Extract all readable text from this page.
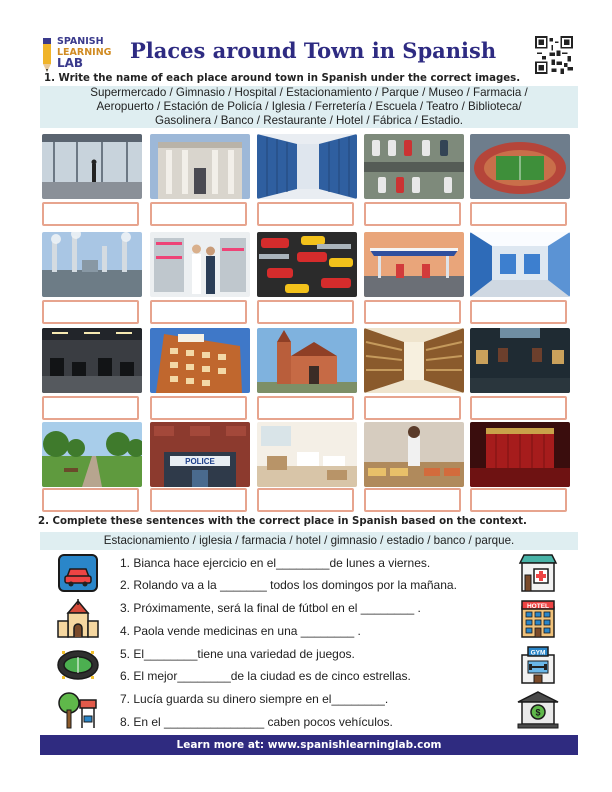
SPANISH
LEARNING
LAB	Places around Town in Spanish
1. Write the name of each place around town in Spanish under the correct images.
Supermercado / Gimnasio / Hospital / Estacionamiento / Parque / Museo / Farmacia /
Aeropuerto / Estación de Policía / Iglesia / Ferretería / Escuela / Teatro / Biblioteca/
Gasolinera / Banco / Restaurante / Hotel / Fábrica / Estadio.
POLICE
2. Complete these sentences with the correct place in Spanish based on the context.
Estacionamiento / iglesia / farmacia / hotel / gimnasio / estadio / banco / parque.
1. Bianca hace ejercicio en el________de lunes a viernes.
2. Rolando va a la _______ todos los domingos por la mañana.
3. Próximamente, será la final de fútbol en el ________ .
4. Paola vende medicinas en una ________ .
5. El________tiene una variedad de juegos.
6. El mejor________de la ciudad es de cinco estrellas.
7. Lucía guarda su dinero siempre en el________.
8. En el _______________ caben pocos vehículos.
HOTEL
GYM
$
Learn more at: www.spanishlearninglab.com
